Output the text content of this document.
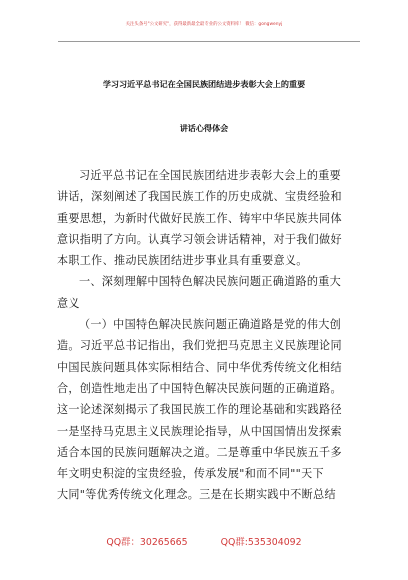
关注头条号"公文研究"，获得最新最全最专业的公文资料库！ 微信：gongwenyj
学习习近平总书记在全国民族团结进步表彰大会上的重要
讲话心得体会
习近平总书记在全国民族团结进步表彰大会上的重要
讲话，深刻阐述了我国民族工作的历史成就、宝贵经验和
重要思想，为新时代做好民族工作、铸牢中华民族共同体
意识指明了方向。认真学习领会讲话精神，对于我们做好
本职工作、推动民族团结进步事业具有重要意义。
一、深刻理解中国特色解决民族问题正确道路的重大
意义
（一）中国特色解决民族问题正确道路是党的伟大创
造。习近平总书记指出，我们党把马克思主义民族理论同
中国民族问题具体实际相结合、同中华优秀传统文化相结
合，创造性地走出了中国特色解决民族问题的正确道路。
这一论述深刻揭示了我国民族工作的理论基础和实践路径
一是坚持马克思主义民族理论指导，从中国国情出发探索
适合本国的民族问题解决之道。二是尊重中华民族五千多
年文明史积淀的宝贵经验，传承发展"和而不同""天下
大同"等优秀传统文化理念。三是在长期实践中不断总结
QQ群：30265665	QQ群:535304092
